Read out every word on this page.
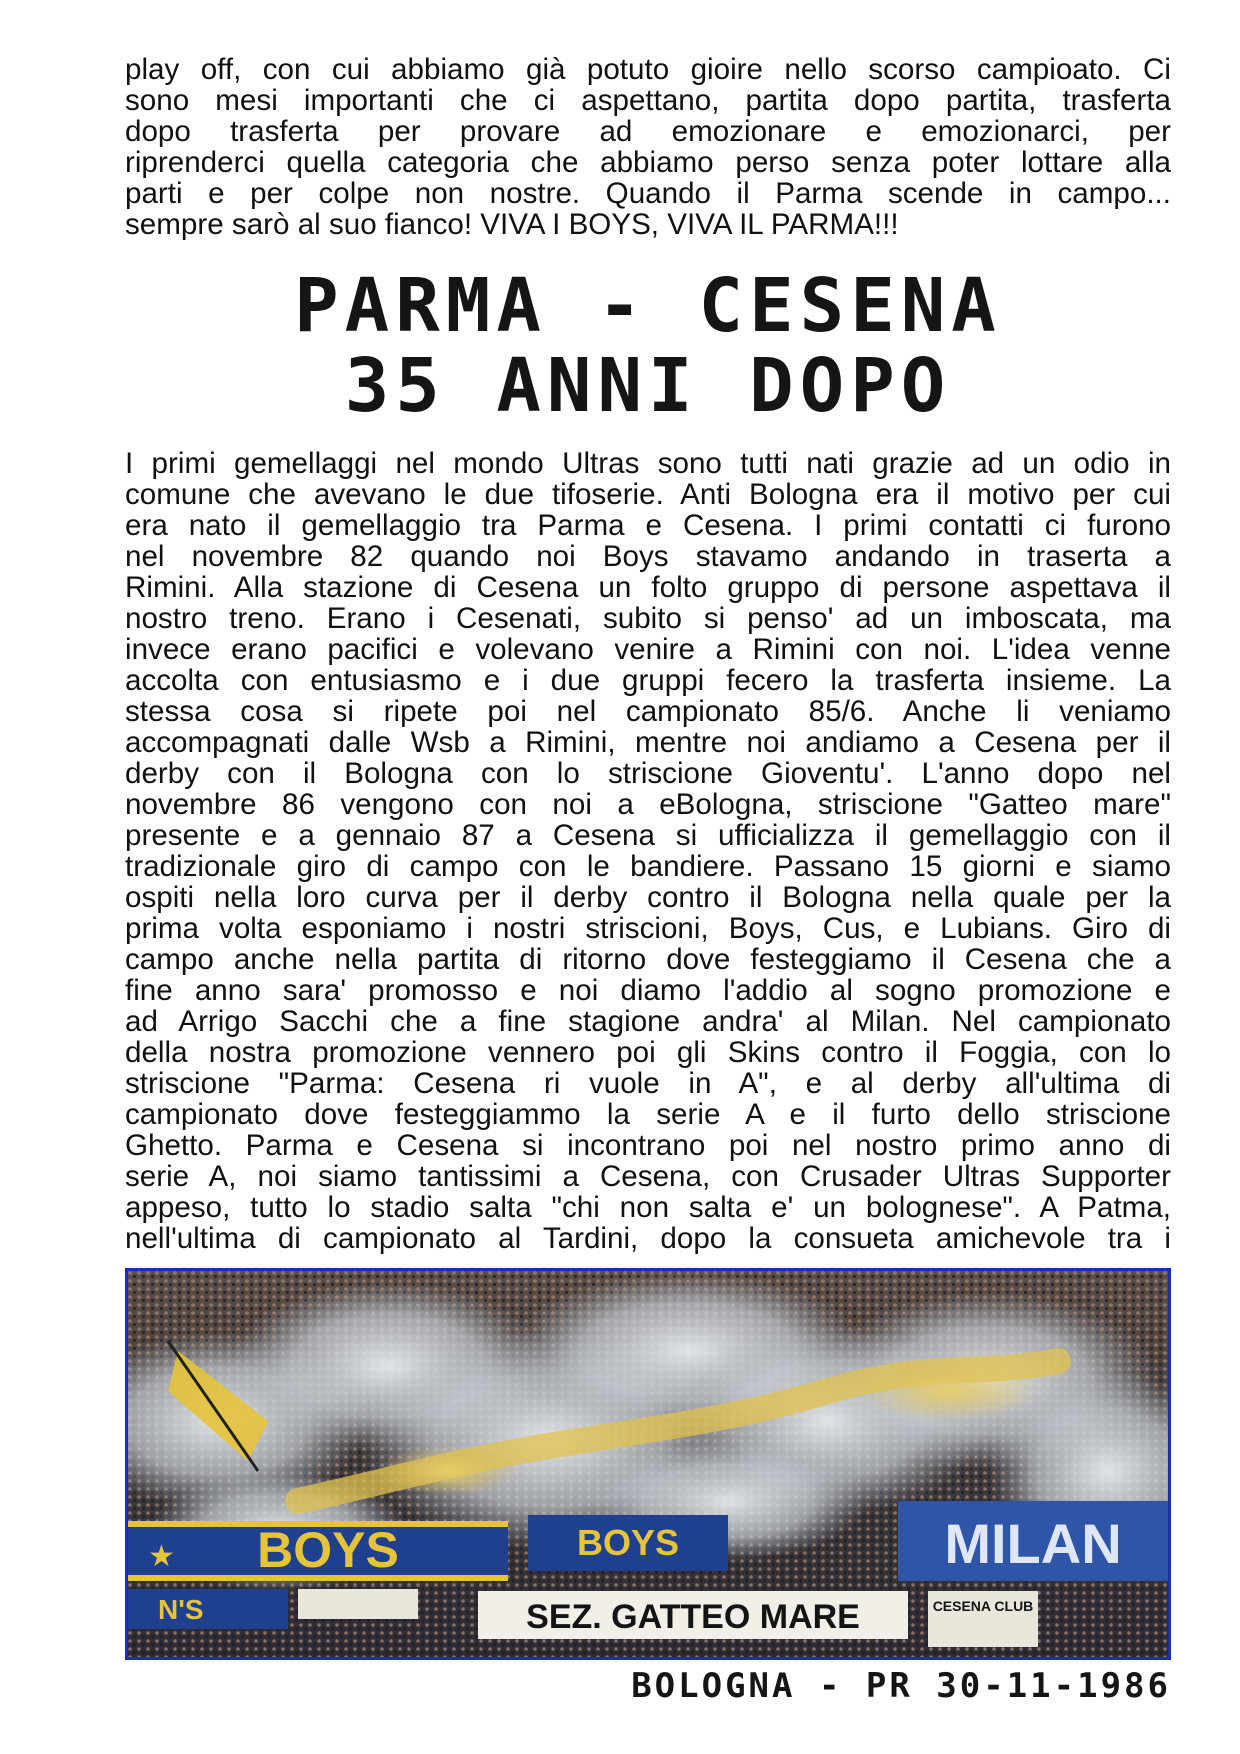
play off, con cui abbiamo già potuto gioire nello scorso campioato. Ci
sono mesi importanti che ci aspettano, partita dopo partita, trasferta
dopo trasferta per provare ad emozionare e emozionarci, per
riprenderci quella categoria che abbiamo perso senza poter lottare alla
parti e per colpe non nostre. Quando il Parma scende in campo...
sempre sarò al suo fianco! VIVA I BOYS, VIVA IL PARMA!!!
PARMA - CESENA
35 ANNI DOPO
I primi gemellaggi nel mondo Ultras sono tutti nati grazie ad un odio in
comune che avevano le due tifoserie. Anti Bologna era il motivo per cui
era nato il gemellaggio tra Parma e Cesena. I primi contatti ci furono
nel novembre 82 quando noi Boys stavamo andando in traserta a
Rimini. Alla stazione di Cesena un folto gruppo di persone aspettava il
nostro treno. Erano i Cesenati, subito si penso' ad un imboscata, ma
invece erano pacifici e volevano venire a Rimini con noi. L'idea venne
accolta con entusiasmo e i due gruppi fecero la trasferta insieme. La
stessa cosa si ripete poi nel campionato 85/6. Anche li veniamo
accompagnati dalle Wsb a Rimini, mentre noi andiamo a Cesena per il
derby con il Bologna con lo striscione Gioventu'. L'anno dopo nel
novembre 86 vengono con noi a eBologna, striscione "Gatteo mare"
presente e a gennaio 87 a Cesena si ufficializza il gemellaggio con il
tradizionale giro di campo con le bandiere. Passano 15 giorni e siamo
ospiti nella loro curva per il derby contro il Bologna nella quale per la
prima volta esponiamo i nostri striscioni, Boys, Cus, e Lubians. Giro di
campo anche nella partita di ritorno dove festeggiamo il Cesena che a
fine anno sara' promosso e noi diamo l'addio al sogno promozione e
ad Arrigo Sacchi che a fine stagione andra' al Milan. Nel campionato
della nostra promozione vennero poi gli Skins contro il Foggia, con lo
striscione "Parma: Cesena ri vuole in A", e al derby all'ultima di
campionato dove festeggiammo la serie A e il furto dello striscione
Ghetto. Parma e Cesena si incontrano poi nel nostro primo anno di
serie A, noi siamo tantissimi a Cesena, con Crusader Ultras Supporter
appeso, tutto lo stadio salta "chi non salta e' un bolognese". A Patma,
nell'ultima di campionato al Tardini, dopo la consueta amichevole tra i
BOYS
★	BOYS	MILAN
N'S	SEZ. GATTEO MARE	CESENA CLUB
BOLOGNA - PR 30-11-1986
